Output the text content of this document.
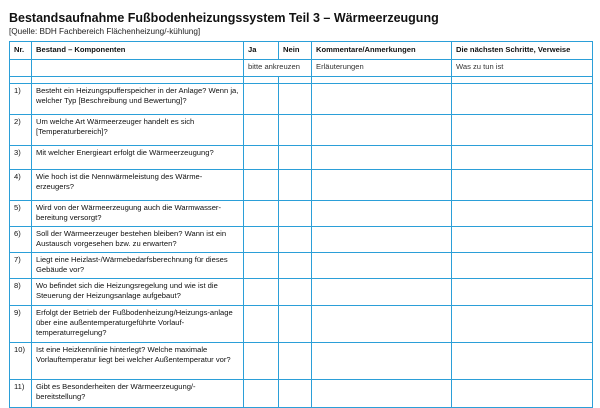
Bestandsaufnahme Fußbodenheizungssystem Teil 3 – Wärmeerzeugung
[Quelle: BDH Fachbereich Flächenheizung/-kühlung]
Nr.	Bestand – Komponenten	Ja	Nein	Kommentare/Anmerkungen	Die nächsten Schritte, Verweise
		bitte ankreuzen		Erläuterungen	Was zu tun ist

1)	Besteht ein Heizungspufferspeicher in der Anlage? Wenn ja, welcher Typ [Beschreibung und Bewertung]?				
2)	Um welche Art Wärmeerzeuger handelt es sich [Temperaturbereich]?				
3)	Mit welcher Energieart erfolgt die Wärmeerzeugung?				
4)	Wie hoch ist die Nennwärmeleistung des Wärme-erzeugers?				
5)	Wird von der Wärmeerzeugung auch die Warmwasser-bereitung versorgt?				
6)	Soll der Wärmeerzeuger bestehen bleiben? Wann ist ein Austausch vorgesehen bzw. zu erwarten?				
7)	Liegt eine Heizlast-/Wärmebedarfsberechnung für dieses Gebäude vor?				
8)	Wo befindet sich die Heizungsregelung und wie ist die Steuerung der Heizungsanlage aufgebaut?				
9)	Erfolgt der Betrieb der Fußbodenheizung/Heizungs-anlage über eine außentemperaturgeführte Vorlauf-temperaturregelung?				
10)	Ist eine Heizkennlinie hinterlegt? Welche maximale Vorlauftemperatur liegt bei welcher Außentemperatur vor?				
11)	Gibt es Besonderheiten der Wärmeerzeugung/-bereitstellung?				
